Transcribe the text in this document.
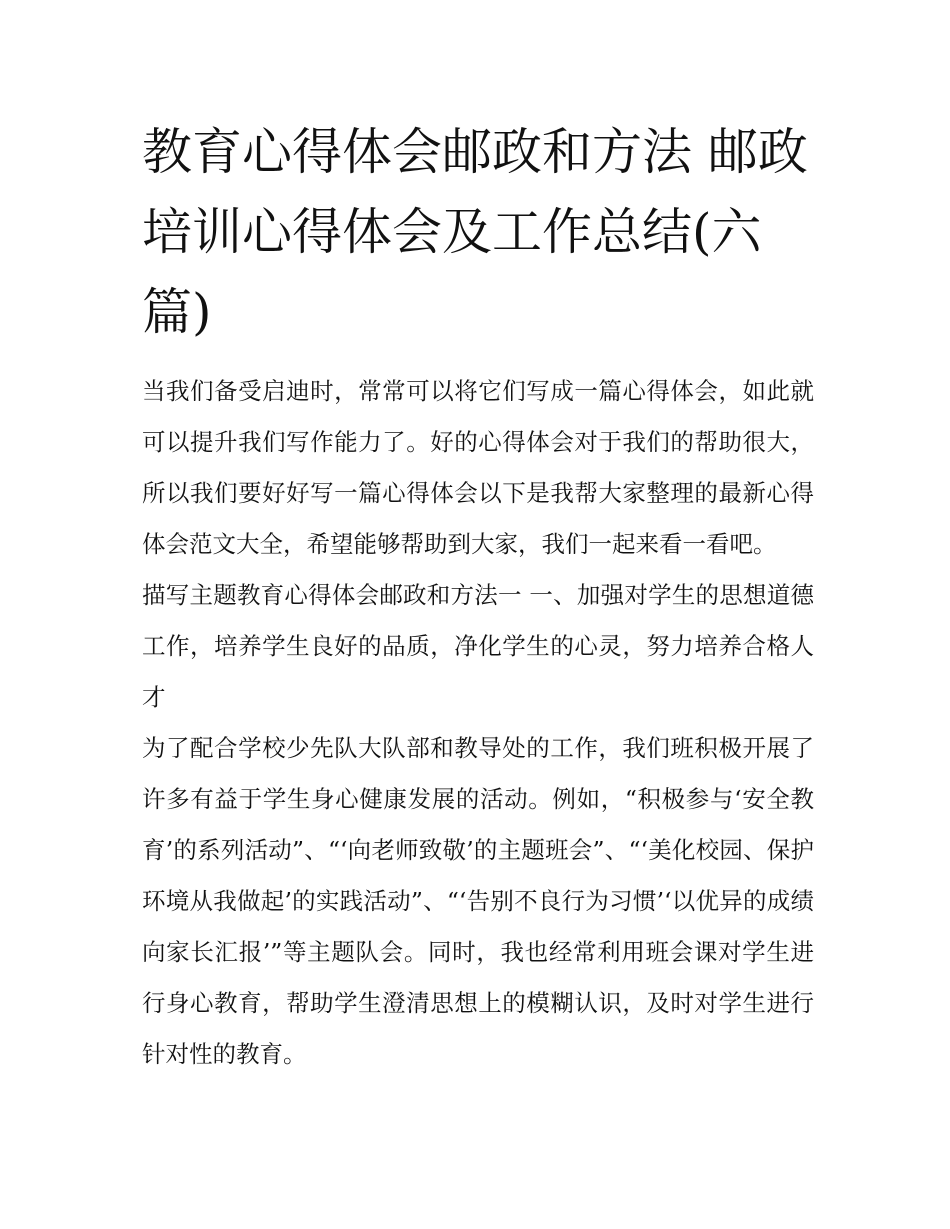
教育心得体会邮政和方法 邮政培训心得体会及工作总结(六篇)

当我们备受启迪时，常常可以将它们写成一篇心得体会，如此就可以提升我们写作能力了。好的心得体会对于我们的帮助很大，所以我们要好好写一篇心得体会以下是我帮大家整理的最新心得体会范文大全，希望能够帮助到大家，我们一起来看一看吧。

描写主题教育心得体会邮政和方法一 一、加强对学生的思想道德工作，培养学生良好的品质，净化学生的心灵，努力培养合格人才

为了配合学校少先队大队部和教导处的工作，我们班积极开展了许多有益于学生身心健康发展的活动。例如，“积极参与‘安全教育’的系列活动”、“‘向老师致敬’的主题班会”、“‘美化校园、保护环境从我做起’的实践活动”、“‘告别不良行为习惯’‘以优异的成绩向家长汇报’”等主题队会。同时，我也经常利用班会课对学生进行身心教育，帮助学生澄清思想上的模糊认识，及时对学生进行针对性的教育。
